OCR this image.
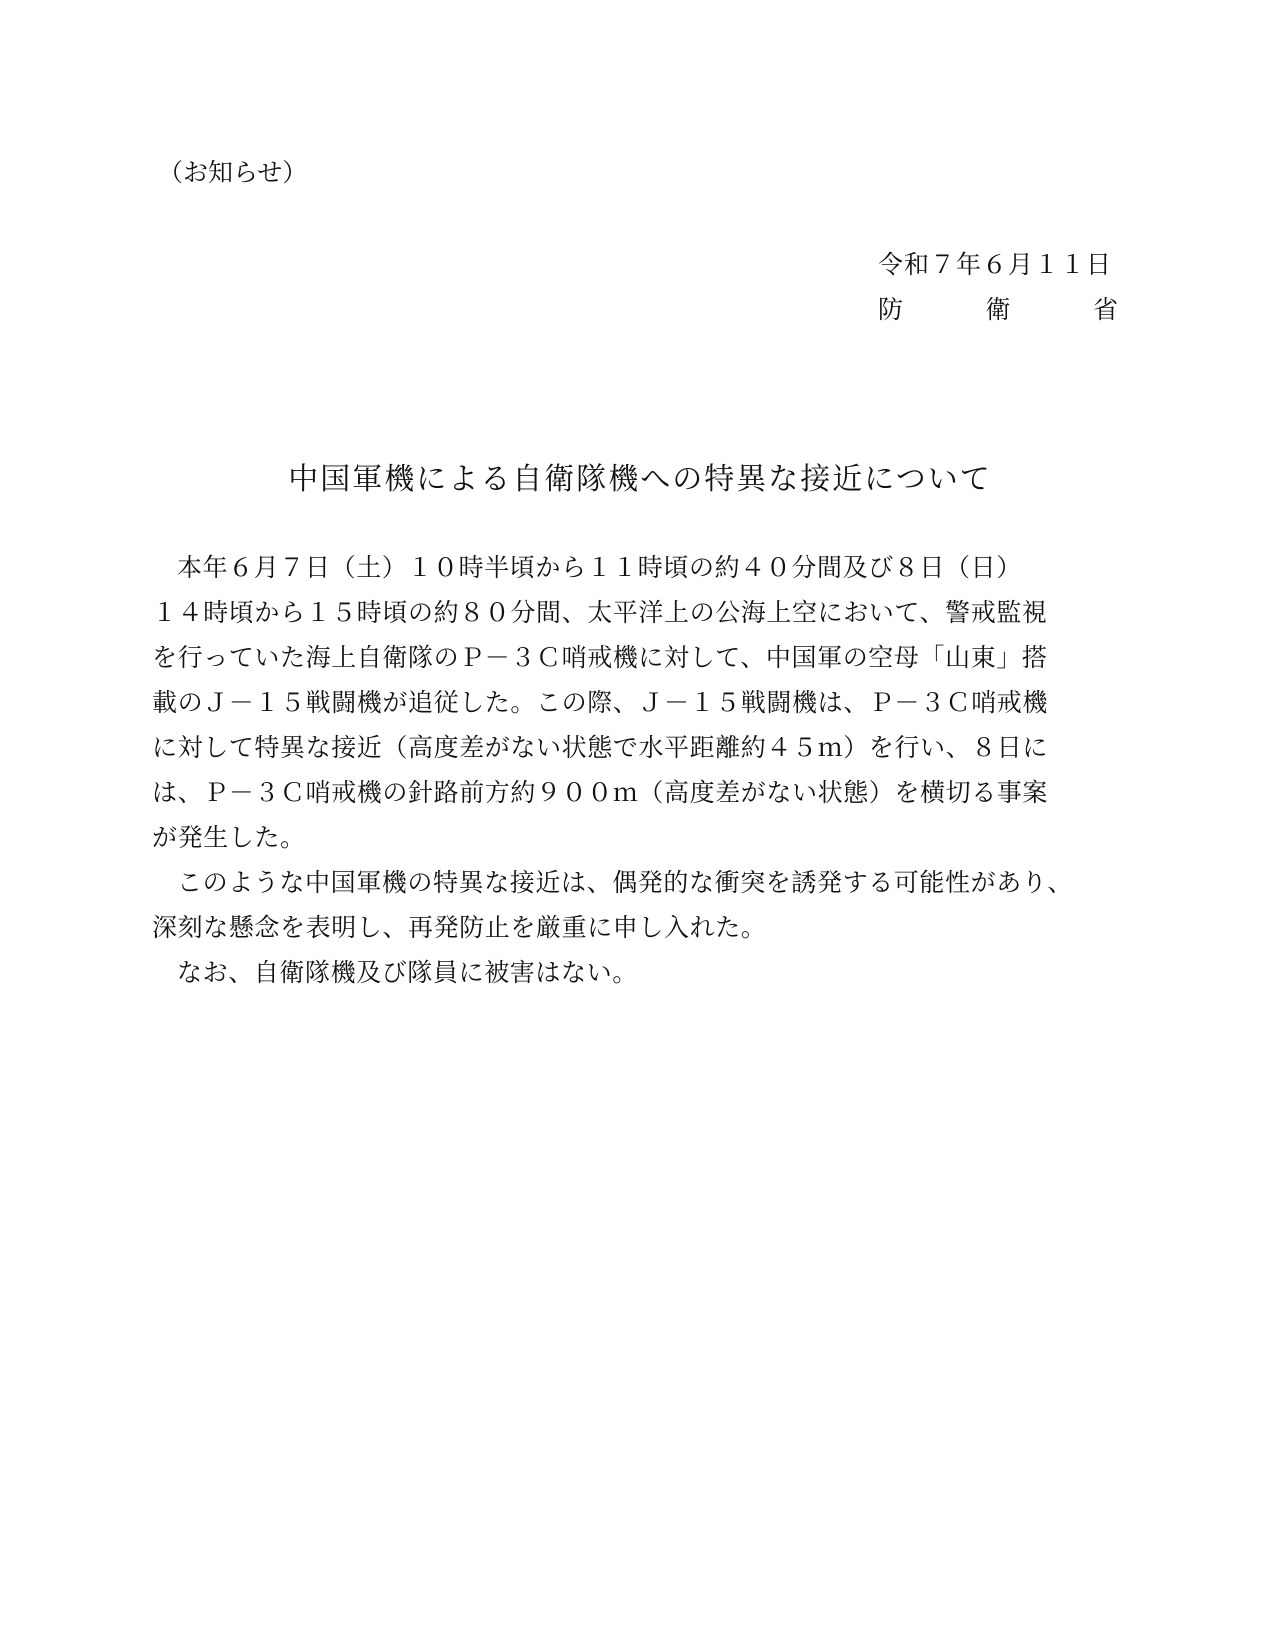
（お知らせ）
令和７年６月１１日
防	衛	省
中国軍機による自衛隊機への特異な接近について
本年６月７日（土）１０時半頃から１１時頃の約４０分間及び８日（日）
１４時頃から１５時頃の約８０分間、太平洋上の公海上空において、警戒監視
を行っていた海上自衛隊のＰ－３Ｃ哨戒機に対して、中国軍の空母「山東」搭
載のＪ－１５戦闘機が追従した。この際、Ｊ－１５戦闘機は、Ｐ－３Ｃ哨戒機
に対して特異な接近（高度差がない状態で水平距離約４５ｍ）を行い、８日に
は、Ｐ－３Ｃ哨戒機の針路前方約９００ｍ（高度差がない状態）を横切る事案
が発生した。
このような中国軍機の特異な接近は、偶発的な衝突を誘発する可能性があり、
深刻な懸念を表明し、再発防止を厳重に申し入れた。
なお、自衛隊機及び隊員に被害はない。
